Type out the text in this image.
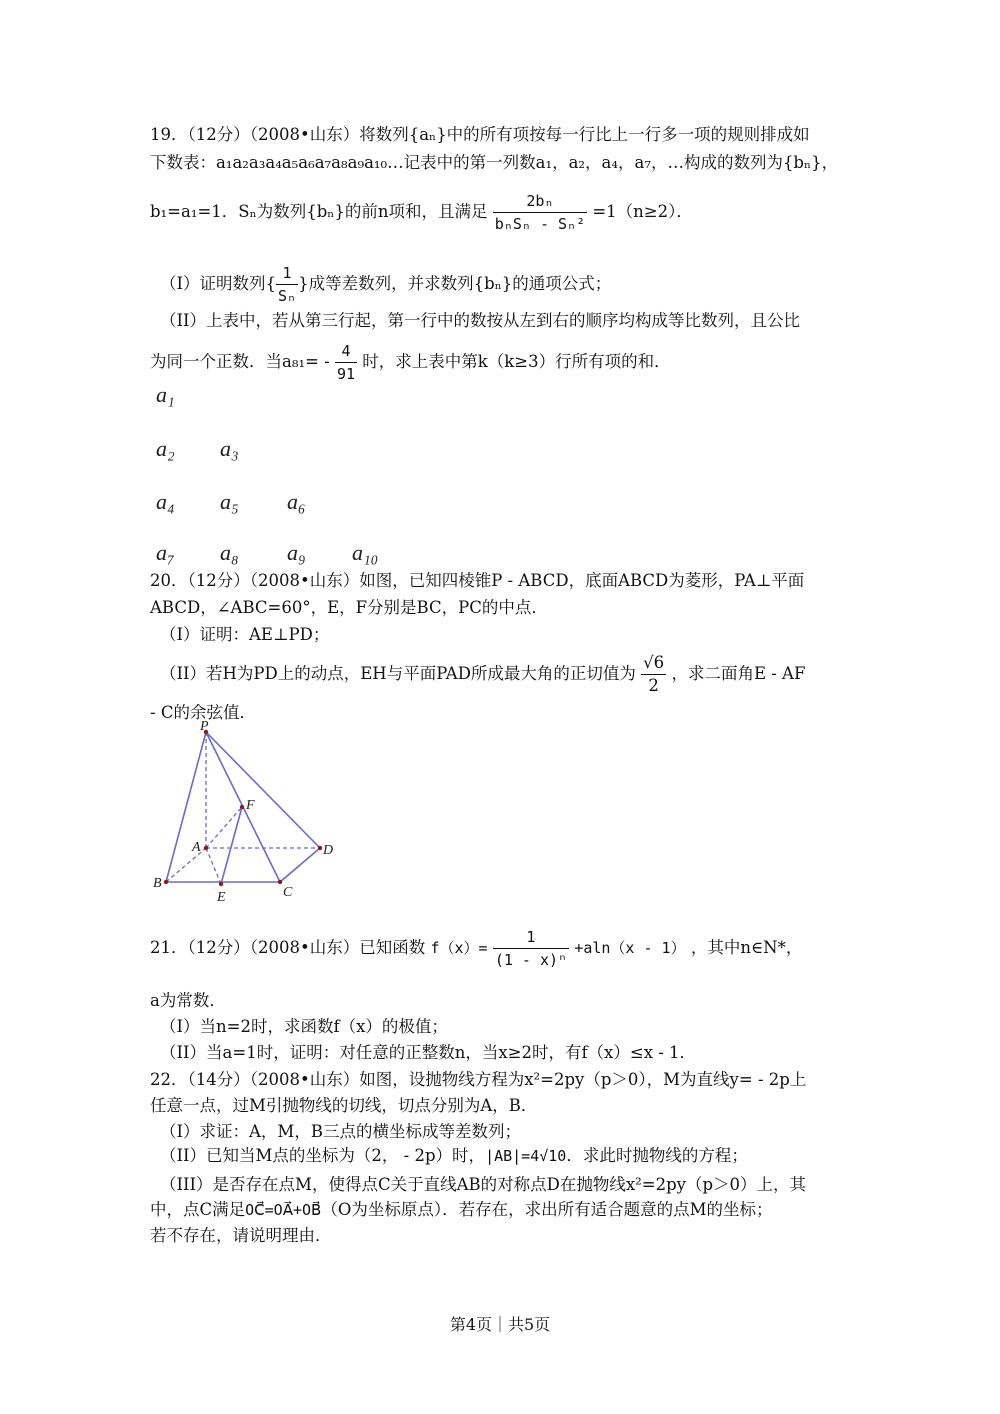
19．（12分）（2008•山东）将数列{aₙ}中的所有项按每一行比上一行多一项的规则排成如
下数表：a₁a₂a₃a₄a₅a₆a₇a₈a₉a₁₀…记表中的第一列数a₁，a₂，a₄，a₇，…构成的数列为{bₙ}，
b₁=a₁=1．Sₙ为数列{bₙ}的前n项和，且满足 $\frac{\text{2bₙ}}{\text{bₙSₙ - Sₙ²}} =1(n\ge 2)$．
（I）证明数列{ $\frac{1}{\text{Sₙ}}$ }成等差数列，并求数列{bₙ}的通项公式；
（II）上表中，若从第三行起，第一行中的数按从左到右的顺序均构成等比数列，且公比
为同一个正数．当$a_{81}= - \frac{4}{91}$ 时，求上表中第k（k≥3）行所有项的和．
a₁
a₂ a₃
a₄ a₅ a₆
a₇ a₈ a₉ a₁₀
20．（12分）（2008•山东）如图，已知四棱锥P - ABCD，底面ABCD为菱形，PA⊥平面
ABCD，∠ABC=60°，E，F分别是BC，PC的中点．
（I）证明：AE⊥PD；
（II）若H为PD上的动点，EH与平面PAD所成最大角的正切值为 $\frac{√6}{2}$ ，求二面角E - AF
- C的余弦值．
P
F
A	D
B
E	C
21．（12分）（2008•山东）已知函数 $f(x)= \frac{1}{\text{(1 - x)ⁿ}} +aln(x - 1)$ ，其中n∈N*，
a为常数．
（I）当n=2时，求函数f（x）的极值；
（II）当a=1时，证明：对任意的正整数n，当x≥2时，有f（x）≤x - 1．
22．（14分）（2008•山东）如图，设抛物线方程为x²=2py（p＞0），M为直线y= - 2p上
任意一点，过M引抛物线的切线，切点分别为A，B．
（I）求证：A，M，B三点的横坐标成等差数列；
（II）已知当M点的坐标为（2， - 2p）时，|AB|=4√10．求此时抛物线的方程；
（III）是否存在点M，使得点C关于直线AB的对称点D在抛物线x²=2py（p＞0）上，其
中，点C满足OC⃗=OA⃗+OB⃗（O为坐标原点）．若存在，求出所有适合题意的点M的坐标；
若不存在，请说明理由．
第4页｜共5页
